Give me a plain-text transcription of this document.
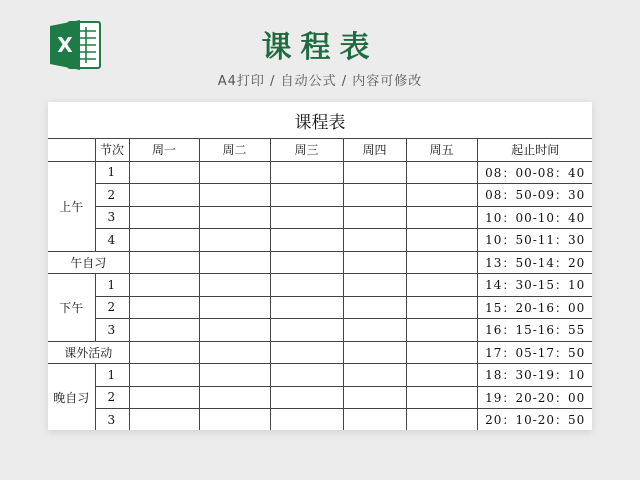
X	课程表
A4打印 / 自动公式 / 内容可修改
课程表
	节次	周一	周二	周三	周四	周五	起止时间
上午	1						08：00-08：40
	2						08：50-09：30
	3						10：00-10：40
	4						10：50-11：30
午自习							13：50-14：20
下午	1						14：30-15：10
	2						15：20-16：00
	3						16：15-16：55
课外活动							17：05-17：50
晚自习	1						18：30-19：10
	2						19：20-20：00
	3						20：10-20：50
